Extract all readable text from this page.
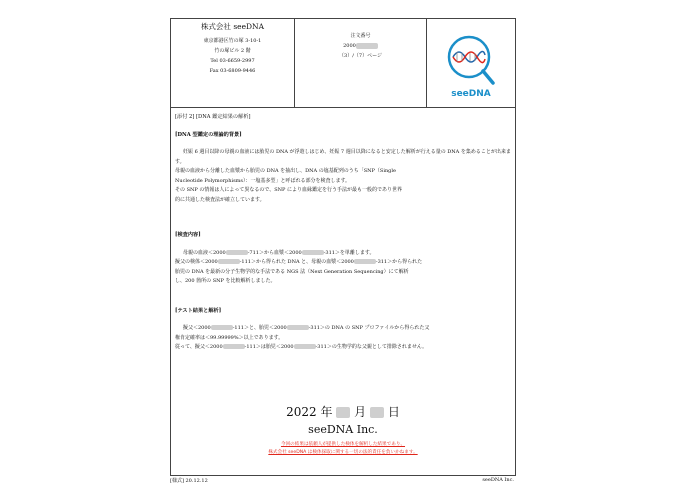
株式会社 seeDNA
東京都港区竹の塚 3-10-1
竹の塚ビル 2 階
Tel 03-6659-2997
Fax 03-6809-9446
注文番号
2000
（3）/（7）ページ
seeDNA
[添付 2] [DNA 鑑定結果の解析]
[DNA 型鑑定の理論的背景]
妊娠 6 週目以降の母親の血液には胎児の DNA が浮遊しはじめ、妊娠 7 週目以降になると安定した解析が行える量の DNA を集めることが出来ます。
母親の血液から分離した血漿から胎児の DNA を抽出し、DNA の塩基配列のうち「SNP（Single
Nucleotide Polymorphisms）：一塩基多型」と呼ばれる部分を検査します。
その SNP の情報は人によって異なるので、SNP により血縁鑑定を行う手法が最も一般的であり世界
的に共通した検査法が確立しています。
[検査内容]
母親の血液＜2000	-711＞から血漿＜2000	-311＞を単離します。
擬父の検体＜2000	-111＞から得られた DNA と、母親の血漿＜2000	-311＞から得られた
胎児の DNA を最新の分子生物学的な手法である NGS 法（Next Generation Sequencing）にて解析
し、200 箇所の SNP を比較解析しました。
[テスト結果と解析]
擬父＜2000	-111＞と、胎児＜2000	-311＞の DNA の SNP プロファイルから得られた父
権肯定確率は＜99.99999%＞以上であります。
従って、擬父＜2000	-111＞は胎児＜2000	-311＞の生物学的な父親として排除されません。
2022 年 月 日
seeDNA Inc.
今回の結果は依頼人が提供した検体を解析した結果であり、
株式会社 seeDNA は検体採取に関する一切の法的責任を負いかねます。
[様式] 20.12.12	seeDNA Inc.
